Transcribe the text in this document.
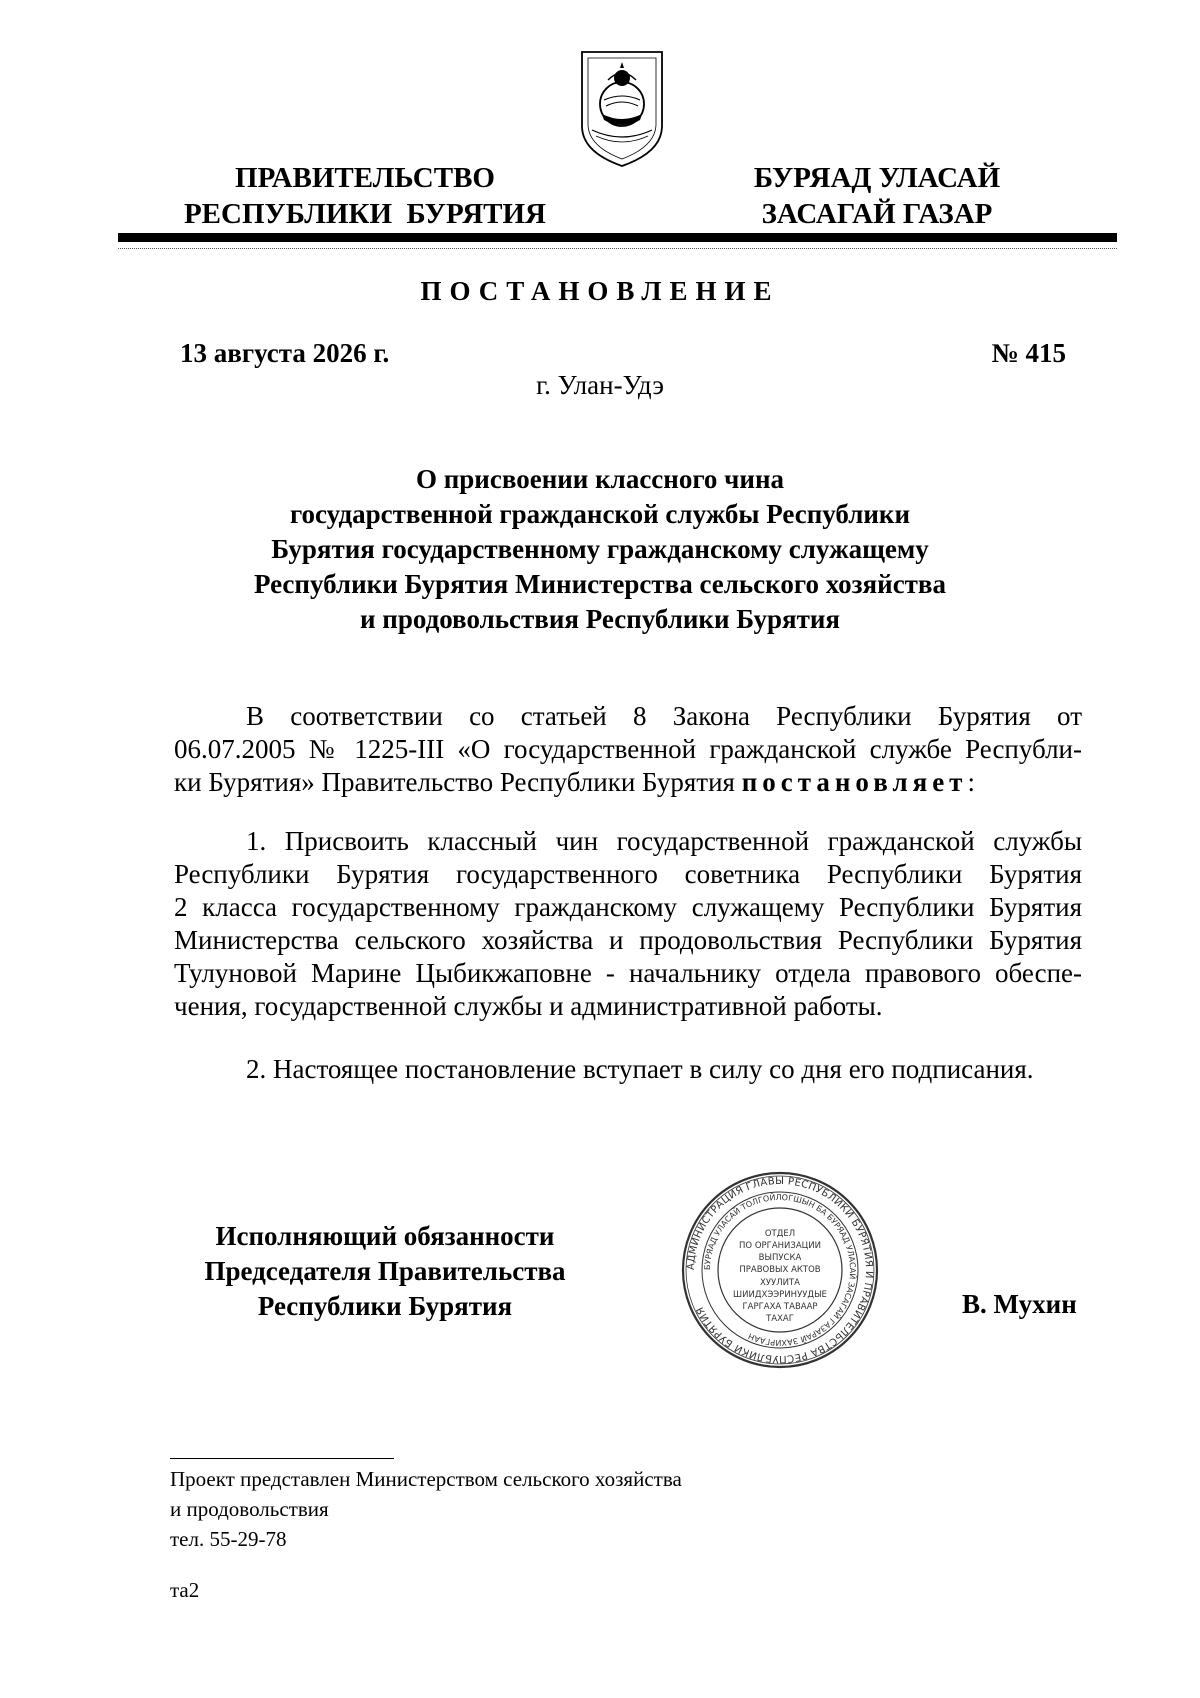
ПРАВИТЕЛЬСТВО
РЕСПУБЛИКИ  БУРЯТИЯ
БУРЯАД УЛАСАЙ
ЗАСАГАЙ ГАЗАР
ПОСТАНОВЛЕНИЕ
13 августа 2026 г.	№ 415
г. Улан-Удэ
О присвоении классного чина
государственной гражданской службы Республики
Бурятия государственному гражданскому служащему
Республики Бурятия Министерства сельского хозяйства
и продовольствия Республики Бурятия
В соответствии со статьей 8 Закона Республики Бурятия от
06.07.2005 № 1225-III «О государственной гражданской службе Республи-
ки Бурятия» Правительство Республики Бурятия постановляет:
1. Присвоить классный чин государственной гражданской службы
Республики Бурятия государственного советника Республики Бурятия
2 класса государственному гражданскому служащему Республики Бурятия
Министерства сельского хозяйства и продовольствия Республики Бурятия
Тулуновой Марине Цыбикжаповне - начальнику отдела правового обеспе-
чения, государственной службы и административной работы.
2. Настоящее постановление вступает в силу со дня его подписания.
Исполняющий обязанности
Председателя Правительства
Республики Бурятия
АДМИНИСТРАЦИЯ ГЛАВЫ РЕСПУБЛИКИ БУРЯТИЯ И ПРАВИТЕЛЬСТВА РЕСПУБЛИКИ БУРЯТИЯ
БУРЯАД УЛАСАЙ ТОЛГОЙЛОГШЫН БА БУРЯАД УЛАСАЙ ЗАСАГАЙ ГАЗАРАЙ ЗАХИРГААН
ОТДЕЛ
ПО ОРГАНИЗАЦИИ
ВЫПУСКА
ПРАВОВЫХ АКТОВ
ХУУЛИТА
ШИИДХЭЭРИНУУДЫЕ
ГАРГАХА ТАВААР
ТАХАГ	В. Мухин
Проект представлен Министерством сельского хозяйства
и продовольствия
тел. 55-29-78
та2
